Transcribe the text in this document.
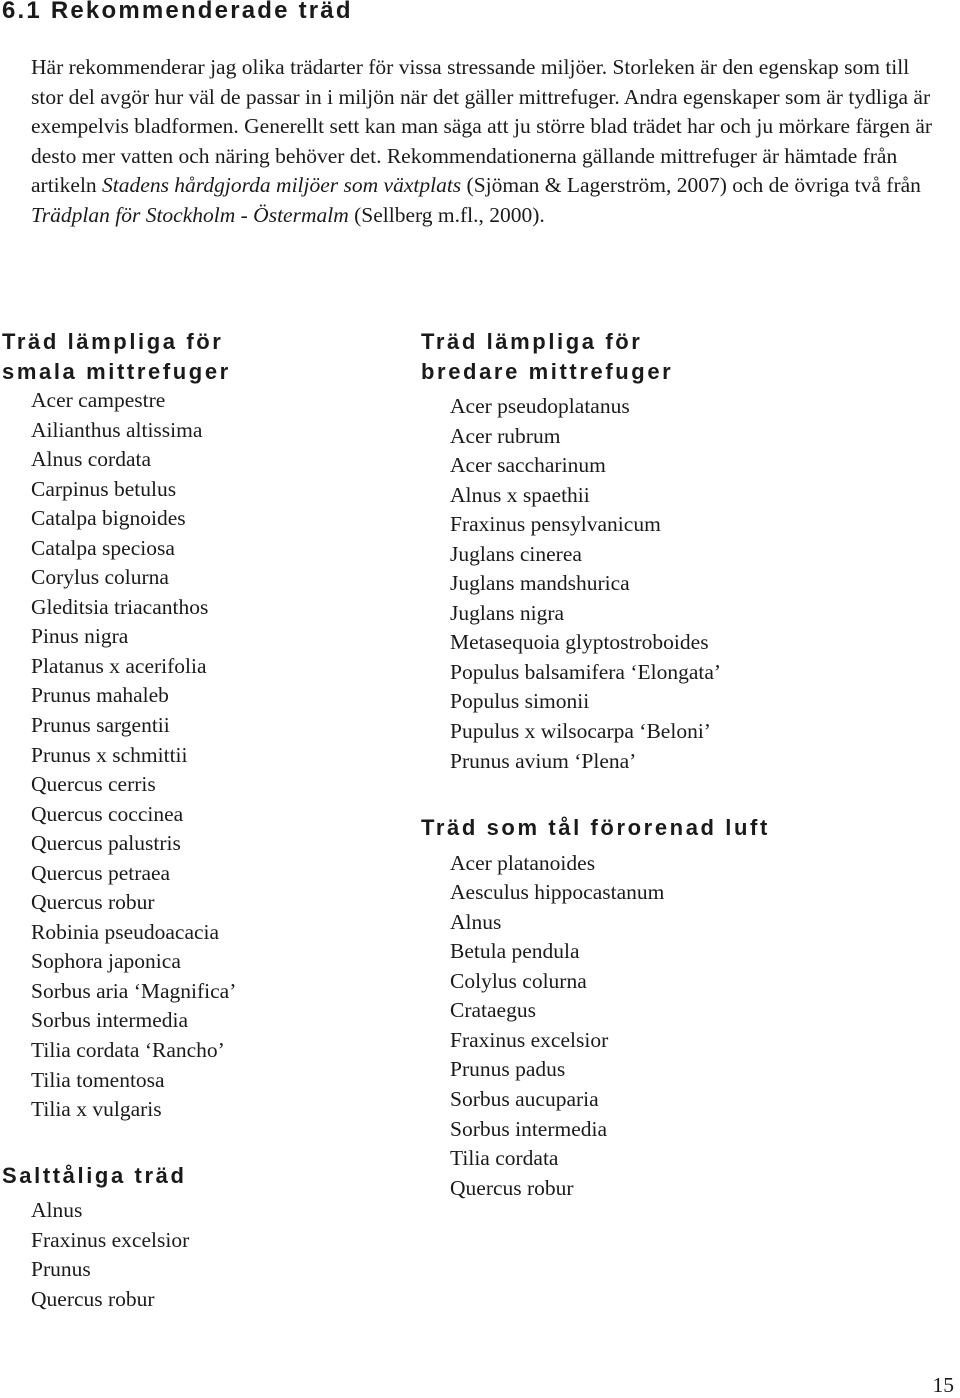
6.1 Rekommenderade träd

Här rekommenderar jag olika trädarter för vissa stressande miljöer. Storleken är den egenskap som till stor del avgör hur väl de passar in i miljön när det gäller mittrefuger. Andra egenskaper som är tydliga är exempelvis bladformen. Generellt sett kan man säga att ju större blad trädet har och ju mörkare färgen är desto mer vatten och näring behöver det. Rekommendationerna gällande mittrefuger är hämtade från artikeln Stadens hårdgjorda miljöer som växtplats (Sjöman & Lagerström, 2007) och de övriga två från Trädplan för Stockholm - Östermalm (Sellberg m.fl., 2000).

Träd lämpliga för
smala mittrefuger
Acer campestre
Ailianthus altissima
Alnus cordata
Carpinus betulus
Catalpa bignoides
Catalpa speciosa
Corylus colurna
Gleditsia triacanthos
Pinus nigra
Platanus x acerifolia
Prunus mahaleb
Prunus sargentii
Prunus x schmittii
Quercus cerris
Quercus coccinea
Quercus palustris
Quercus petraea
Quercus robur
Robinia pseudoacacia
Sophora japonica
Sorbus aria ‘Magnifica’
Sorbus intermedia
Tilia cordata ‘Rancho’
Tilia tomentosa
Tilia x vulgaris
Salttåliga träd
Alnus
Fraxinus excelsior
Prunus
Quercus robur
Träd lämpliga för
bredare mittrefuger
Acer pseudoplatanus
Acer rubrum
Acer saccharinum
Alnus x spaethii
Fraxinus pensylvanicum
Juglans cinerea
Juglans mandshurica
Juglans nigra
Metasequoia glyptostroboides
Populus balsamifera ‘Elongata’
Populus simonii
Pupulus x wilsocarpa ‘Beloni’
Prunus avium ‘Plena’
Träd som tål förorenad luft
Acer platanoides
Aesculus hippocastanum
Alnus
Betula pendula
Colylus colurna
Crataegus
Fraxinus excelsior
Prunus padus
Sorbus aucuparia
Sorbus intermedia
Tilia cordata
Quercus robur
15
